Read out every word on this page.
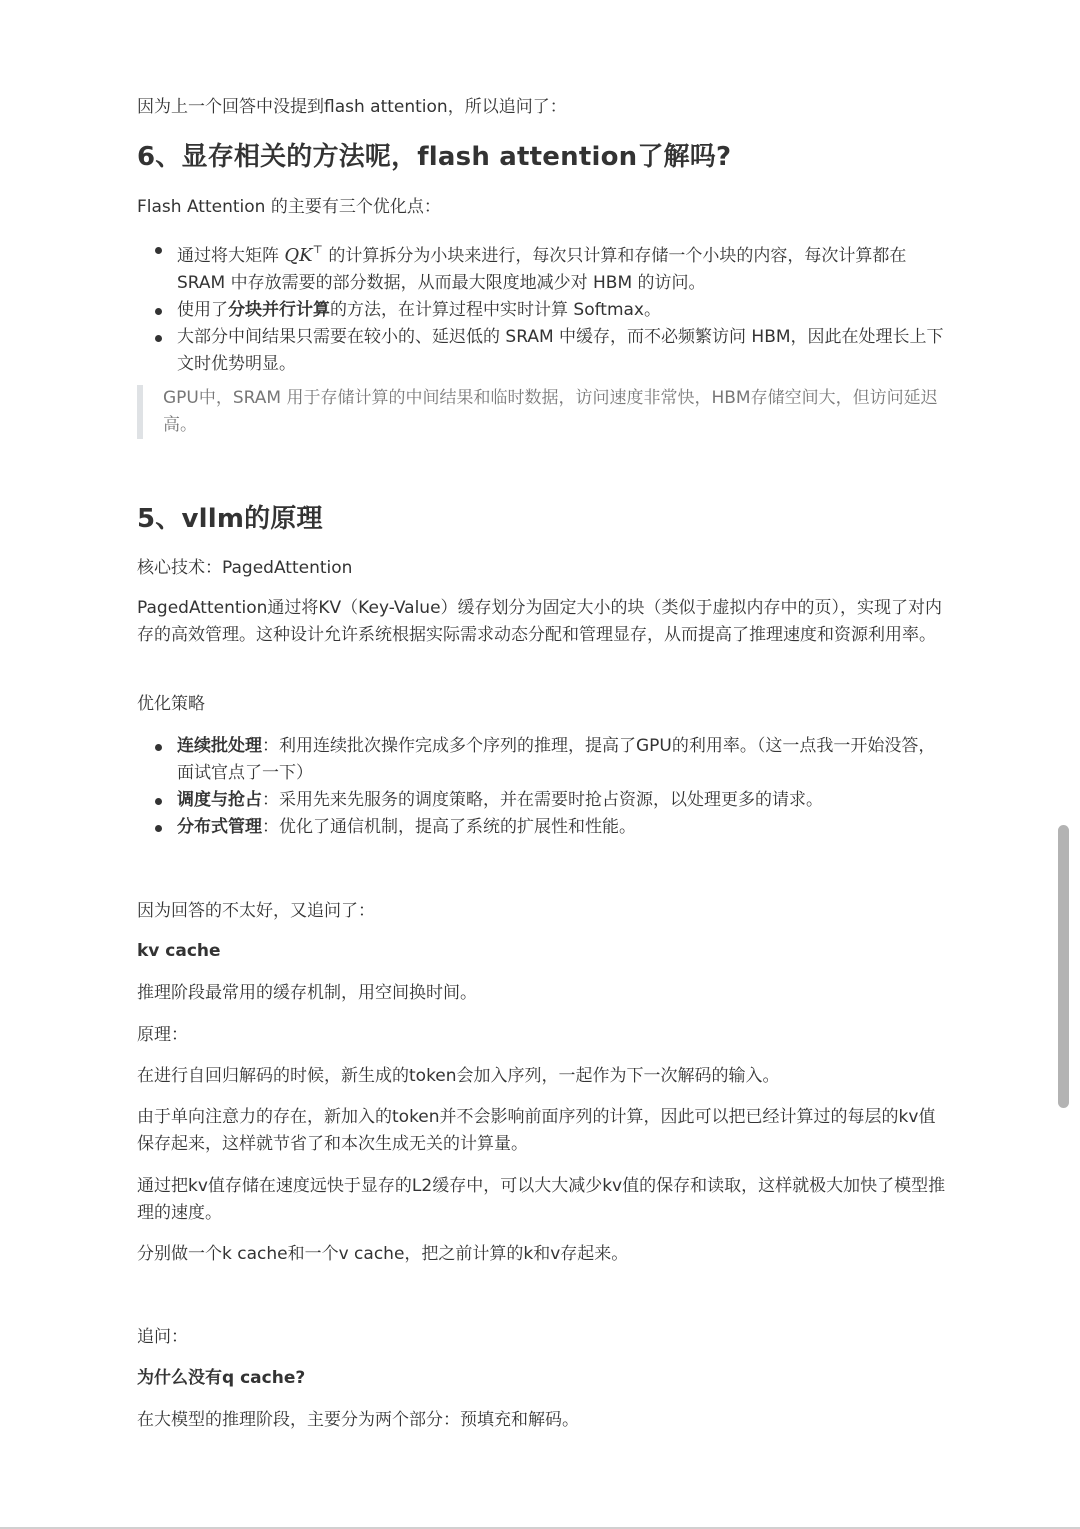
因为上一个回答中没提到flash attention，所以追问了：
6、显存相关的方法呢，flash attention了解吗?
Flash Attention 的主要有三个优化点：
通过将大矩阵 QK⊤ 的计算拆分为小块来进行，每次只计算和存储一个小块的内容，每次计算都在SRAM 中存放需要的部分数据，从而最大限度地减少对 HBM 的访问。
使用了分块并行计算的方法，在计算过程中实时计算 Softmax。
大部分中间结果只需要在较小的、延迟低的 SRAM 中缓存，而不必频繁访问 HBM，因此在处理长上下文时优势明显。
GPU中，SRAM 用于存储计算的中间结果和临时数据，访问速度非常快，HBM存储空间大，但访问延迟高。
5、vllm的原理
核心技术：PagedAttention
PagedAttention通过将KV（Key-Value）缓存划分为固定大小的块（类似于虚拟内存中的页），实现了对内存的高效管理。这种设计允许系统根据实际需求动态分配和管理显存，从而提高了推理速度和资源利用率。
优化策略
连续批处理：利用连续批次操作完成多个序列的推理，提高了GPU的利用率。（这一点我一开始没答，面试官点了一下）
调度与抢占：采用先来先服务的调度策略，并在需要时抢占资源，以处理更多的请求。
分布式管理：优化了通信机制，提高了系统的扩展性和性能。
因为回答的不太好，又追问了：
kv cache
推理阶段最常用的缓存机制，用空间换时间。
原理：
在进行自回归解码的时候，新生成的token会加入序列，一起作为下一次解码的输入。
由于单向注意力的存在，新加入的token并不会影响前面序列的计算，因此可以把已经计算过的每层的kv值保存起来，这样就节省了和本次生成无关的计算量。
通过把kv值存储在速度远快于显存的L2缓存中，可以大大减少kv值的保存和读取，这样就极大加快了模型推理的速度。
分别做一个k cache和一个v cache，把之前计算的k和v存起来。
追问：
为什么没有q cache?
在大模型的推理阶段，主要分为两个部分：预填充和解码。
